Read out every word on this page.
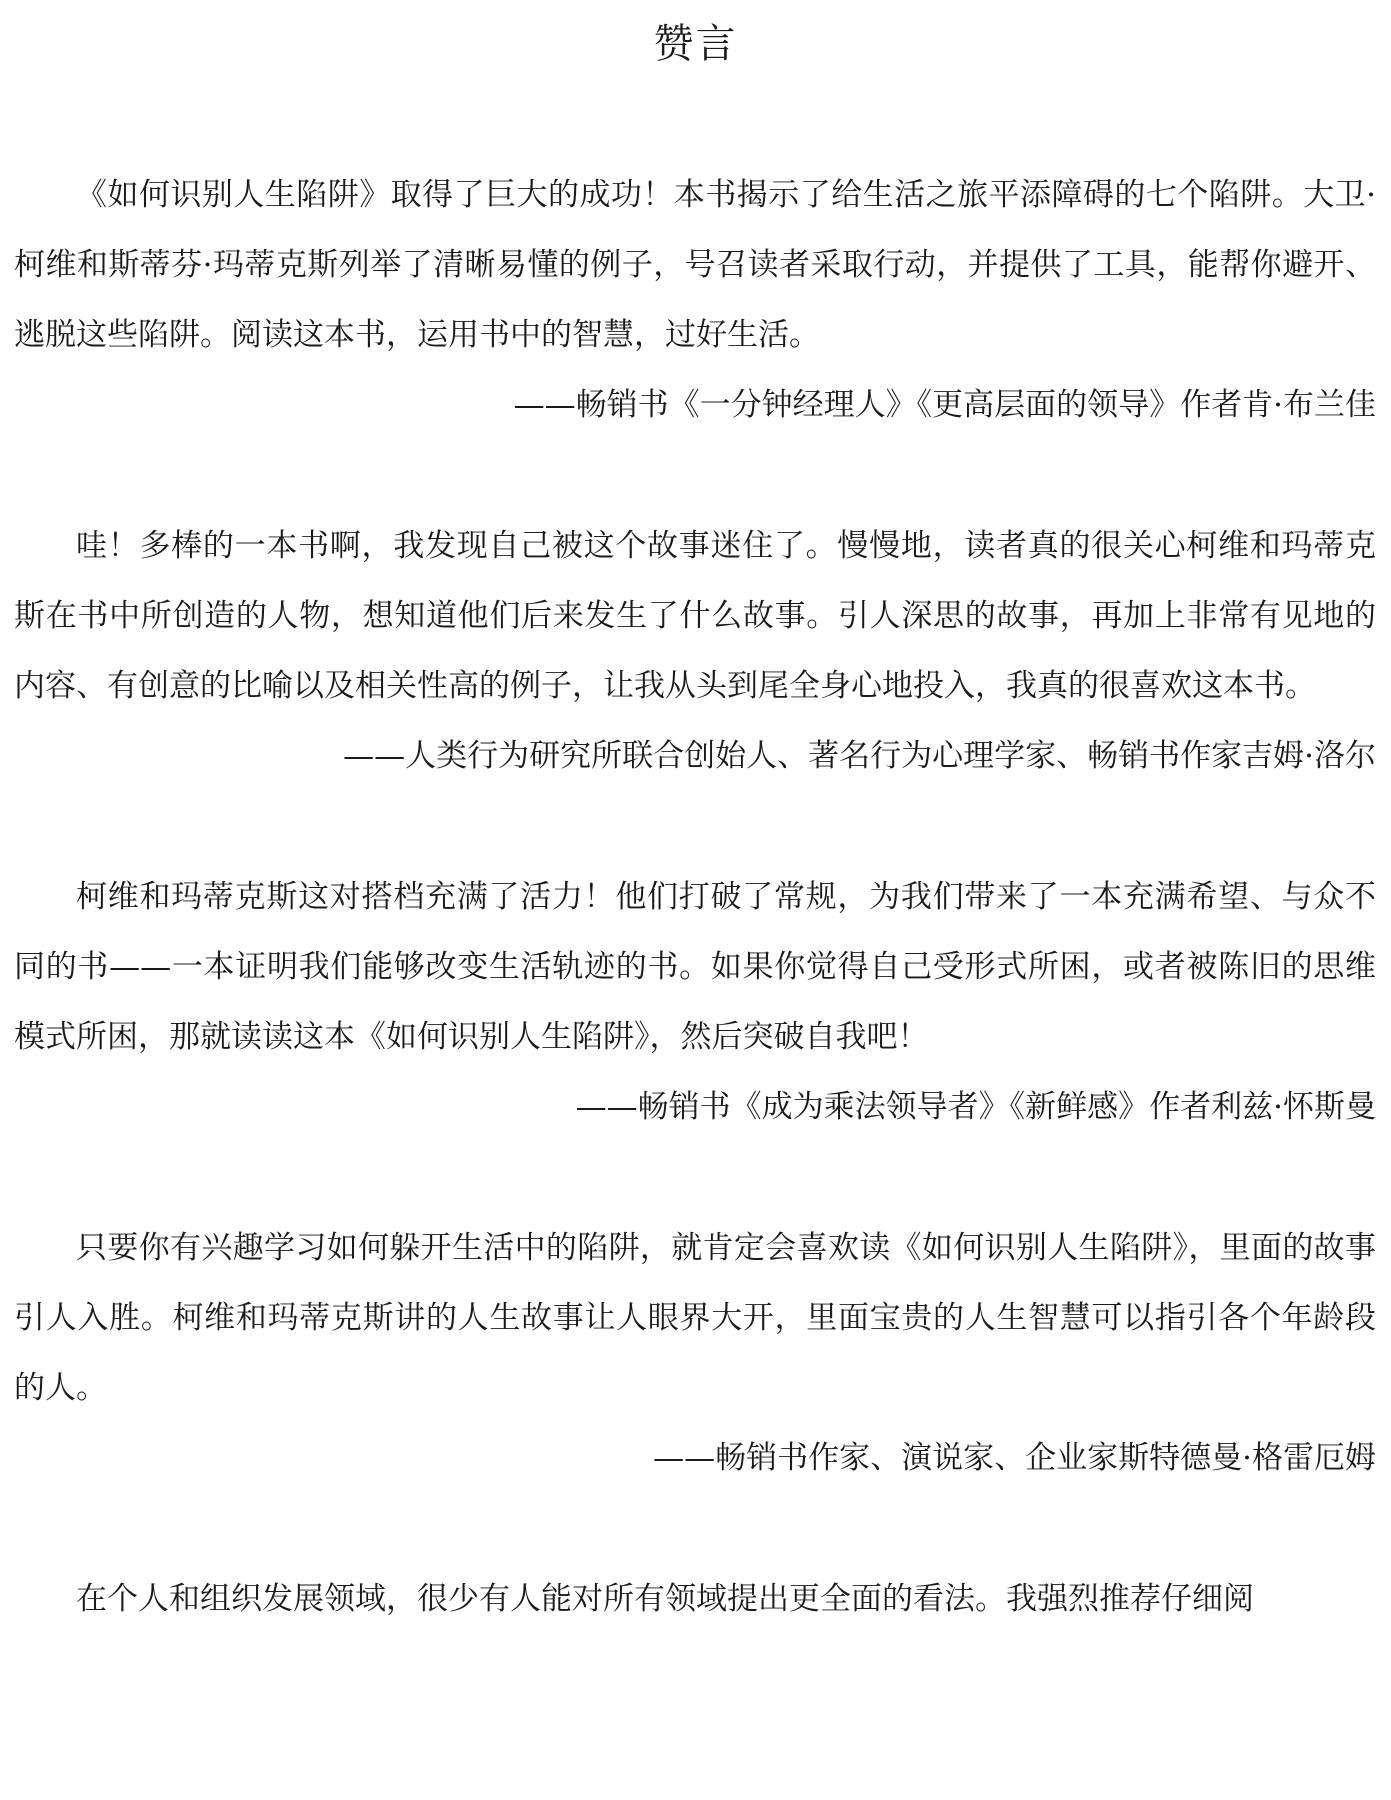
赞言

《如何识别人生陷阱》取得了巨大的成功！本书揭示了给生活之旅平添障碍的七个陷阱。大卫·柯维和斯蒂芬·玛蒂克斯列举了清晰易懂的例子，号召读者采取行动，并提供了工具，能帮你避开、逃脱这些陷阱。阅读这本书，运用书中的智慧，过好生活。

——畅销书《一分钟经理人》《更高层面的领导》作者肯·布兰佳

哇！多棒的一本书啊，我发现自己被这个故事迷住了。慢慢地，读者真的很关心柯维和玛蒂克斯在书中所创造的人物，想知道他们后来发生了什么故事。引人深思的故事，再加上非常有见地的内容、有创意的比喻以及相关性高的例子，让我从头到尾全身心地投入，我真的很喜欢这本书。

——人类行为研究所联合创始人、著名行为心理学家、畅销书作家吉姆·洛尔

柯维和玛蒂克斯这对搭档充满了活力！他们打破了常规，为我们带来了一本充满希望、与众不同的书——一本证明我们能够改变生活轨迹的书。如果你觉得自己受形式所困，或者被陈旧的思维模式所困，那就读读这本《如何识别人生陷阱》，然后突破自我吧！

——畅销书《成为乘法领导者》《新鲜感》作者利兹·怀斯曼

只要你有兴趣学习如何躲开生活中的陷阱，就肯定会喜欢读《如何识别人生陷阱》，里面的故事引人入胜。柯维和玛蒂克斯讲的人生故事让人眼界大开，里面宝贵的人生智慧可以指引各个年龄段的人。

——畅销书作家、演说家、企业家斯特德曼·格雷厄姆

在个人和组织发展领域，很少有人能对所有领域提出更全面的看法。我强烈推荐仔细阅
